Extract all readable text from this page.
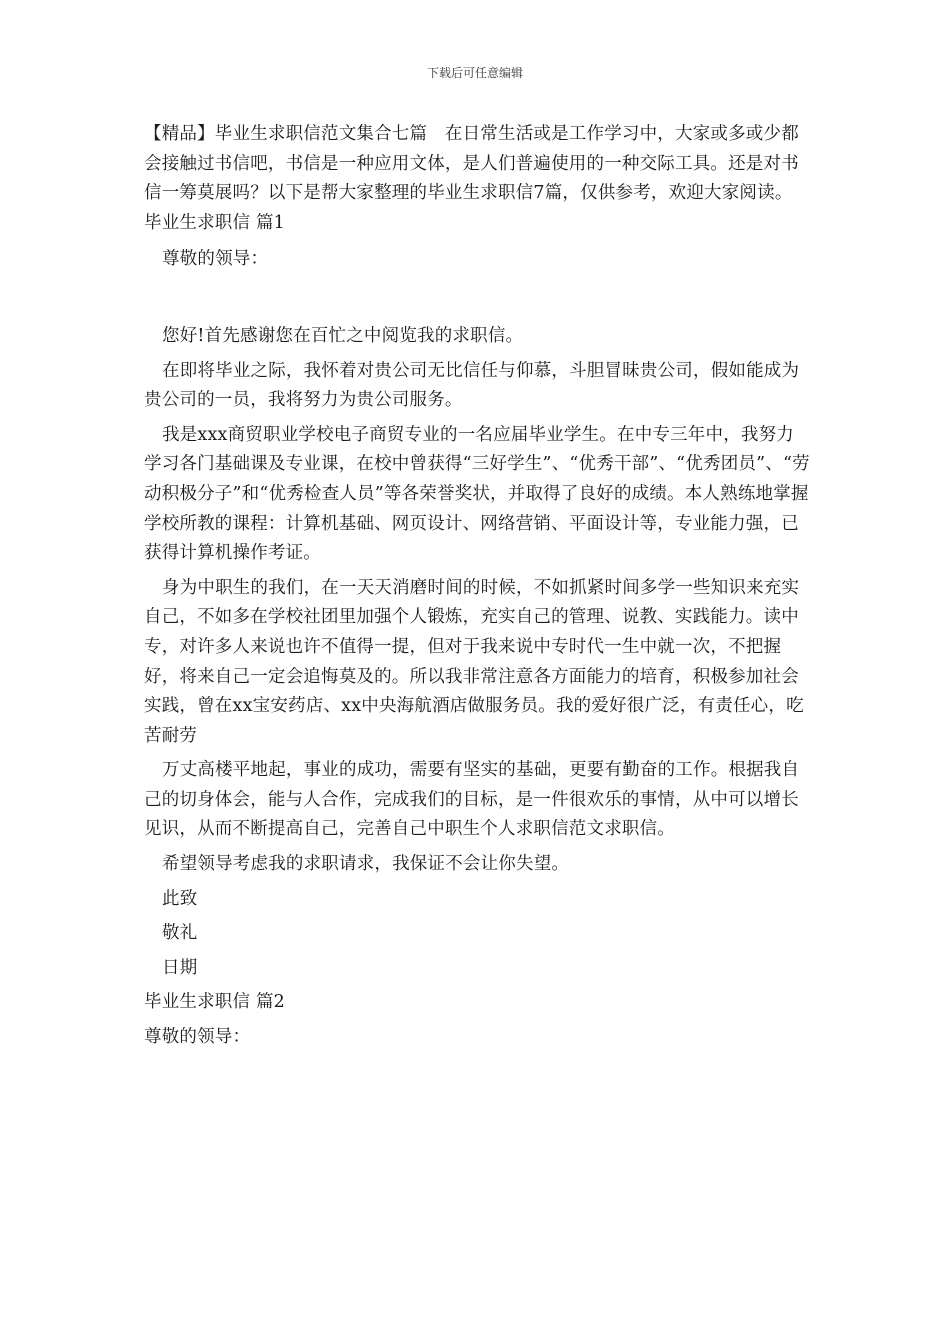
下载后可任意编辑

【精品】毕业生求职信范文集合七篇　在日常生活或是工作学习中，大家或多或少都会接触过书信吧，书信是一种应用文体，是人们普遍使用的一种交际工具。还是对书信一筹莫展吗？以下是帮大家整理的毕业生求职信7篇，仅供参考，欢迎大家阅读。毕业生求职信 篇1

尊敬的领导：

您好!首先感谢您在百忙之中阅览我的求职信。

在即将毕业之际，我怀着对贵公司无比信任与仰慕，斗胆冒昧贵公司，假如能成为贵公司的一员，我将努力为贵公司服务。

我是xxx商贸职业学校电子商贸专业的一名应届毕业学生。在中专三年中，我努力学习各门基础课及专业课，在校中曾获得“三好学生”、“优秀干部”、“优秀团员”、“劳动积极分子”和“优秀检查人员”等各荣誉奖状，并取得了良好的成绩。本人熟练地掌握学校所教的课程：计算机基础、网页设计、网络营销、平面设计等，专业能力强，已获得计算机操作考证。

身为中职生的我们，在一天天消磨时间的时候，不如抓紧时间多学一些知识来充实自己，不如多在学校社团里加强个人锻炼，充实自己的管理、说教、实践能力。读中专，对许多人来说也许不值得一提，但对于我来说中专时代一生中就一次，不把握好，将来自己一定会追悔莫及的。所以我非常注意各方面能力的培育，积极参加社会实践，曾在xx宝安药店、xx中央海航酒店做服务员。我的爱好很广泛，有责任心，吃苦耐劳

万丈高楼平地起，事业的成功，需要有坚实的基础，更要有勤奋的工作。根据我自己的切身体会，能与人合作，完成我们的目标，是一件很欢乐的事情，从中可以增长见识，从而不断提高自己，完善自己中职生个人求职信范文求职信。

希望领导考虑我的求职请求，我保证不会让你失望。

此致

敬礼

日期

毕业生求职信 篇2

尊敬的领导：
